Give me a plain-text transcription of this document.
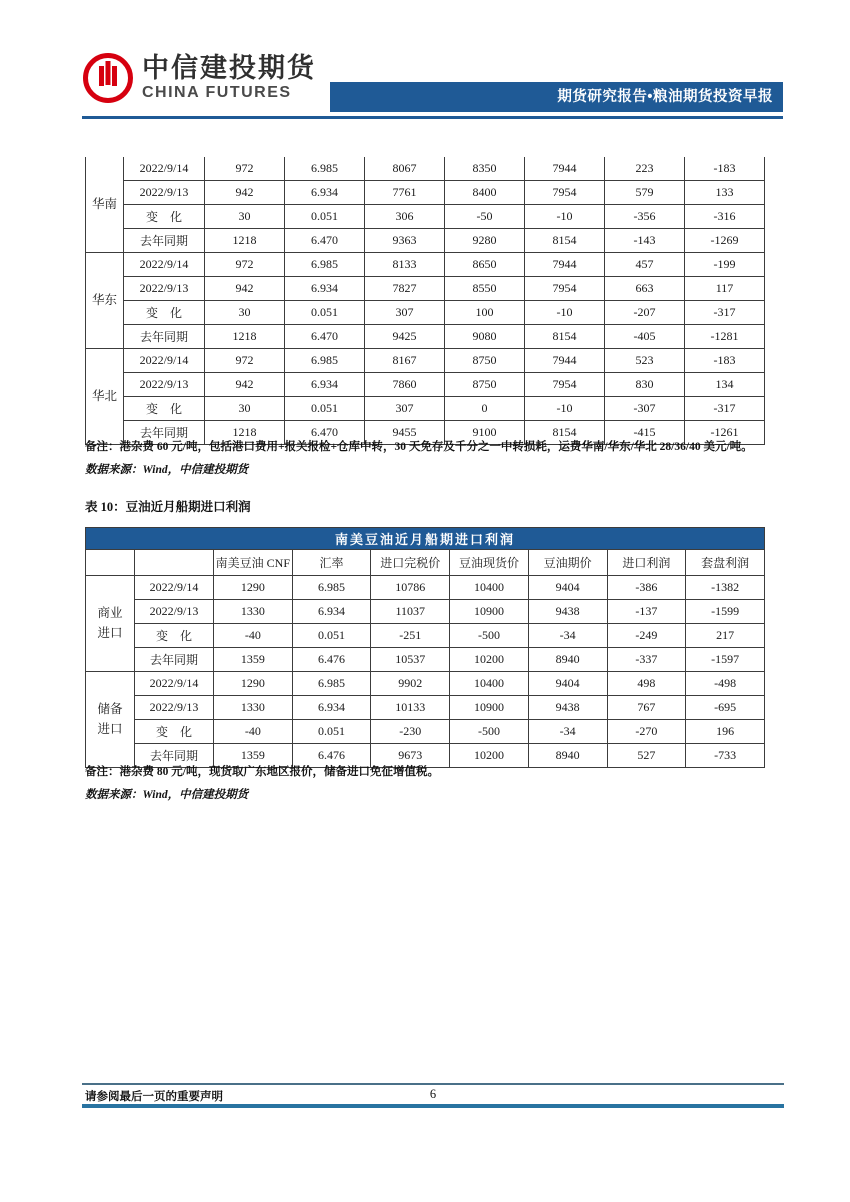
中信建投期货
CHINA FUTURES	期货研究报告•粮油期货投资早报
华南	2022/9/14	972	6.985	8067	8350	7944	223	-183
	2022/9/13	942	6.934	7761	8400	7954	579	133
	变　化	30	0.051	306	-50	-10	-356	-316
	去年同期	1218	6.470	9363	9280	8154	-143	-1269
华东	2022/9/14	972	6.985	8133	8650	7944	457	-199
	2022/9/13	942	6.934	7827	8550	7954	663	117
	变　化	30	0.051	307	100	-10	-207	-317
	去年同期	1218	6.470	9425	9080	8154	-405	-1281
华北	2022/9/14	972	6.985	8167	8750	7944	523	-183
	2022/9/13	942	6.934	7860	8750	7954	830	134
	变　化	30	0.051	307	0	-10	-307	-317
	去年同期	1218	6.470	9455	9100	8154	-415	-1261
备注：港杂费 60 元/吨，包括港口费用+报关报检+仓库中转，30 天免存及千分之一中转损耗，运费华南/华东/华北 28/36/40 美元/吨。
数据来源：Wind，中信建投期货
表 10：豆油近月船期进口利润
南美豆油近月船期进口利润								
		南美豆油 CNF	汇率	进口完税价	豆油现货价	豆油期价	进口利润	套盘利润
商业
进口	2022/9/14	1290	6.985	10786	10400	9404	-386	-1382
	2022/9/13	1330	6.934	11037	10900	9438	-137	-1599
	变　化	-40	0.051	-251	-500	-34	-249	217
	去年同期	1359	6.476	10537	10200	8940	-337	-1597
储备
进口	2022/9/14	1290	6.985	9902	10400	9404	498	-498
	2022/9/13	1330	6.934	10133	10900	9438	767	-695
	变　化	-40	0.051	-230	-500	-34	-270	196
	去年同期	1359	6.476	9673	10200	8940	527	-733
备注：港杂费 80 元/吨，现货取广东地区报价，储备进口免征增值税。
数据来源：Wind，中信建投期货
请参阅最后一页的重要声明	6
